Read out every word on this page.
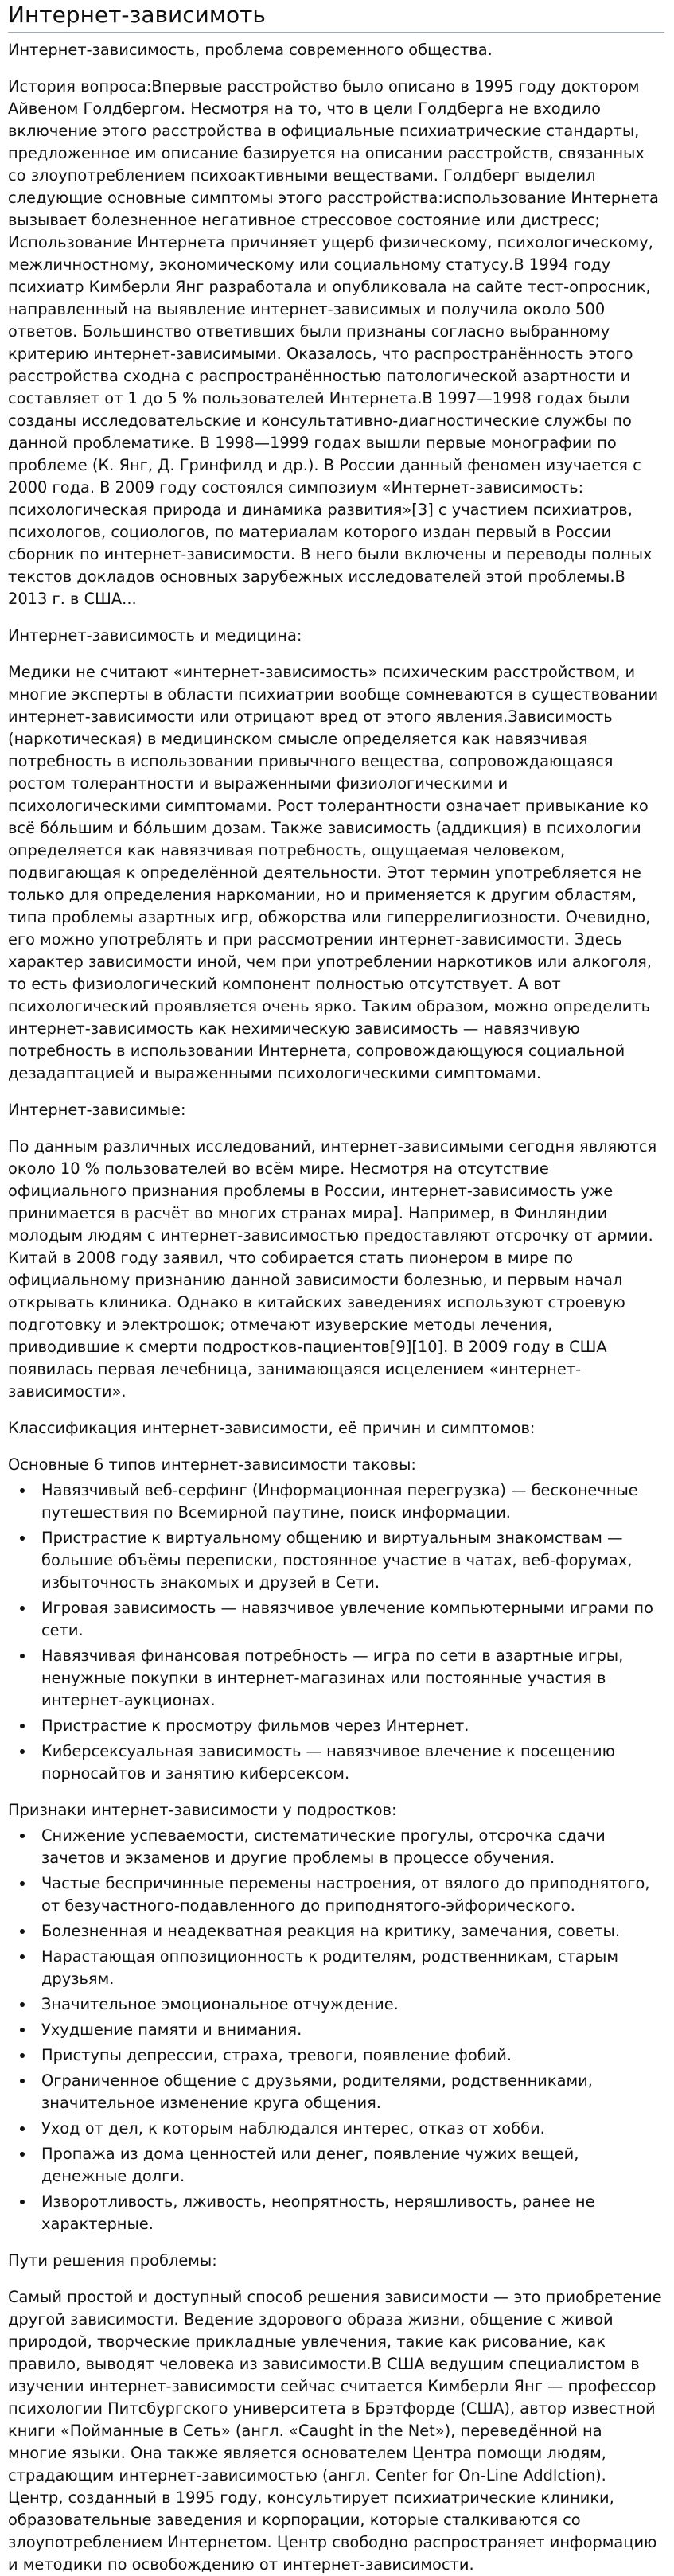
Интернет-зависимоть

Интернет-зависимость, проблема современного общества.

История вопроса:Впервые расстройство было описано в 1995 году доктором Айвеном Голдбергом. Несмотря на то, что в цели Голдберга не входило включение этого расстройства в официальные психиатрические стандарты, предложенное им описание базируется на описании расстройств, связанных со злоупотреблением психоактивными веществами. Голдберг выделил следующие основные симптомы этого расстройства:использование Интернета вызывает болезненное негативное стрессовое состояние или дистресс; Использование Интернета причиняет ущерб физическому, психологическому, межличностному, экономическому или социальному статусу.В 1994 году психиатр Кимберли Янг разработала и опубликовала на сайте тест-опросник, направленный на выявление интернет-зависимых и получила около 500 ответов. Большинство ответивших были признаны согласно выбранному критерию интернет-зависимыми. Оказалось, что распространённость этого расстройства сходна с распространённостью патологической азартности и составляет от 1 до 5 % пользователей Интернета.В 1997—1998 годах были созданы исследовательские и консультативно-диагностические службы по данной проблематике. В 1998—1999 годах вышли первые монографии по проблеме (К. Янг, Д. Гринфилд и др.). В России данный феномен изучается с 2000 года. В 2009 году состоялся симпозиум «Интернет-зависимость: психологическая природа и динамика развития»[3] с участием психиатров, психологов, социологов, по материалам которого издан первый в России сборник по интернет-зависимости. В него были включены и переводы полных текстов докладов основных зарубежных исследователей этой проблемы.В 2013 г. в США...

Интернет-зависимость и медицина:

Медики не считают «интернет-зависимость» психическим расстройством, и многие эксперты в области психиатрии вообще сомневаются в существовании интернет-зависимости или отрицают вред от этого явления.Зависимость (наркотическая) в медицинском смысле определяется как навязчивая потребность в использовании привычного вещества, сопровождающаяся ростом толерантности и выраженными физиологическими и психологическими симптомами. Рост толерантности означает привыкание ко всё бо́льшим и бо́льшим дозам. Также зависимость (аддикция) в психологии определяется как навязчивая потребность, ощущаемая человеком, подвигающая к определённой деятельности. Этот термин употребляется не только для определения наркомании, но и применяется к другим областям, типа проблемы азартных игр, обжорства или гиперрелигиозности. Очевидно, его можно употреблять и при рассмотрении интернет-зависимости. Здесь характер зависимости иной, чем при употреблении наркотиков или алкоголя, то есть физиологический компонент полностью отсутствует. А вот психологический проявляется очень ярко. Таким образом, можно определить интернет-зависимость как нехимическую зависимость — навязчивую потребность в использовании Интернета, сопровождающуюся социальной дезадаптацией и выраженными психологическими симптомами.

Интернет-зависимые:

По данным различных исследований, интернет-зависимыми сегодня являются около 10 % пользователей во всём мире. Несмотря на отсутствие официального признания проблемы в России, интернет-зависимость уже принимается в расчёт во многих странах мира]. Например, в Финляндии молодым людям с интернет-зависимостью предоставляют отсрочку от армии. Китай в 2008 году заявил, что собирается стать пионером в мире по официальному признанию данной зависимости болезнью, и первым начал открывать клиника. Однако в китайских заведениях используют строевую подготовку и электрошок; отмечают изуверские методы лечения, приводившие к смерти подростков-пациентов[9][10]. В 2009 году в США появилась первая лечебница, занимающаяся исцелением «интернет-зависимости».

Классификация интернет-зависимости, её причин и симптомов:

Основные 6 типов интернет-зависимости таковы:

• Навязчивый веб-серфинг (Информационная перегрузка) — бесконечные путешествия по Всемирной паутине, поиск информации.
• Пристрастие к виртуальному общению и виртуальным знакомствам — большие объёмы переписки, постоянное участие в чатах, веб-форумах, избыточность знакомых и друзей в Сети.
• Игровая зависимость — навязчивое увлечение компьютерными играми по сети.
• Навязчивая финансовая потребность — игра по сети в азартные игры, ненужные покупки в интернет-магазинах или постоянные участия в интернет-аукционах.
• Пристрастие к просмотру фильмов через Интернет.
• Киберсексуальная зависимость — навязчивое влечение к посещению порносайтов и занятию киберсексом.

Признаки интернет-зависимости у подростков:

• Снижение успеваемости, систематические прогулы, отсрочка сдачи зачетов и экзаменов и другие проблемы в процессе обучения.
• Частые беспричинные перемены настроения, от вялого до приподнятого, от безучастного-подавленного до приподнятого-эйфорического.
• Болезненная и неадекватная реакция на критику, замечания, советы.
• Нарастающая оппозиционность к родителям, родственникам, старым друзьям.
• Значительное эмоциональное отчуждение.
• Ухудшение памяти и внимания.
• Приступы депрессии, страха, тревоги, появление фобий.
• Ограниченное общение с друзьями, родителями, родственниками, значительное изменение круга общения.
• Уход от дел, к которым наблюдался интерес, отказ от хобби.
• Пропажа из дома ценностей или денег, появление чужих вещей, денежные долги.
• Изворотливость, лживость, неопрятность, неряшливость, ранее не характерные.

Пути решения проблемы:

Самый простой и доступный способ решения зависимости — это приобретение другой зависимости. Ведение здорового образа жизни, общение с живой природой, творческие прикладные увлечения, такие как рисование, как правило, выводят человека из зависимости.В США ведущим специалистом в изучении интернет-зависимости сейчас считается Кимберли Янг — профессор психологии Питсбургского университета в Брэтфорде (США), автор известной книги «Пойманные в Сеть» (англ. «Caught in the Net»), переведённой на многие языки. Она также является основателем Центра помощи людям, страдающим интернет-зависимостью (англ. Center for On-Line Addlction). Центр, созданный в 1995 году, консультирует психиатрические клиники, образовательные заведения и корпорации, которые сталкиваются со злоупотреблением Интернетом. Центр свободно распространяет информацию и методики по освобождению от интернет-зависимости.
